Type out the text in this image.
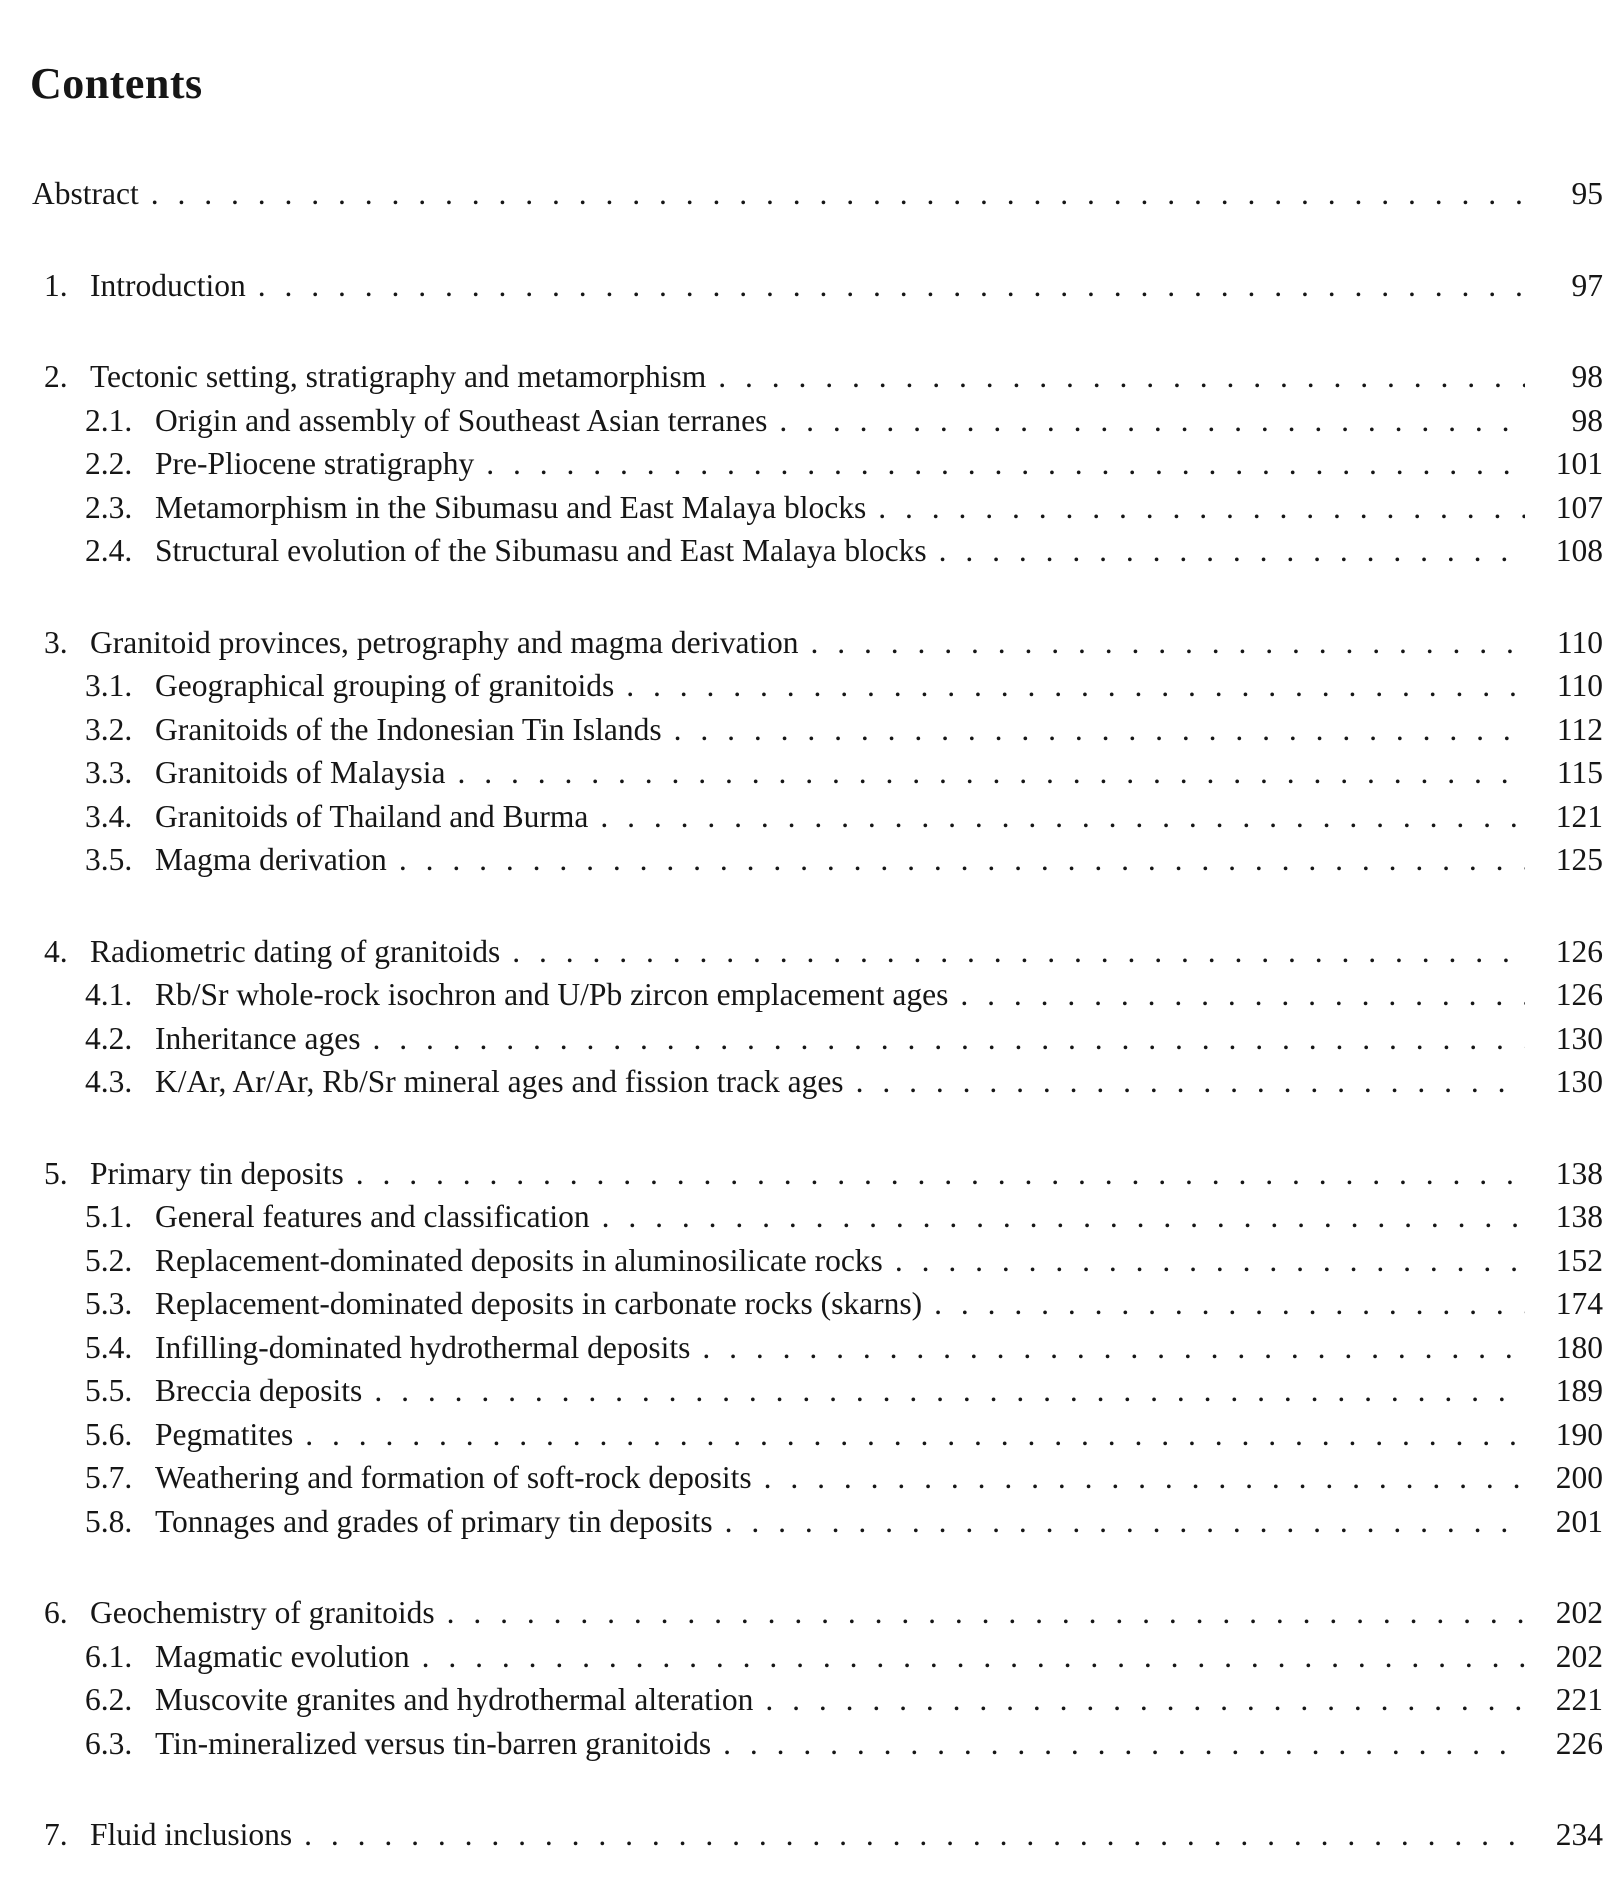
Contents
Abstract . . .	95
1. Introduction . . .	97
2. Tectonic setting, stratigraphy and metamorphism . . .	98
2.1. Origin and assembly of Southeast Asian terranes . . .	98
2.2. Pre-Pliocene stratigraphy . . .	101
2.3. Metamorphism in the Sibumasu and East Malaya blocks . . .	107
2.4. Structural evolution of the Sibumasu and East Malaya blocks . . .	108
3. Granitoid provinces, petrography and magma derivation . . .	110
3.1. Geographical grouping of granitoids . . .	110
3.2. Granitoids of the Indonesian Tin Islands . . .	112
3.3. Granitoids of Malaysia . . .	115
3.4. Granitoids of Thailand and Burma . . .	121
3.5. Magma derivation . . .	125
4. Radiometric dating of granitoids . . .	126
4.1. Rb/Sr whole-rock isochron and U/Pb zircon emplacement ages . . .	126
4.2. Inheritance ages . . .	130
4.3. K/Ar, Ar/Ar, Rb/Sr mineral ages and fission track ages . . .	130
5. Primary tin deposits . . .	138
5.1. General features and classification . . .	138
5.2. Replacement-dominated deposits in aluminosilicate rocks . . .	152
5.3. Replacement-dominated deposits in carbonate rocks (skarns) . . .	174
5.4. Infilling-dominated hydrothermal deposits . . .	180
5.5. Breccia deposits . . .	189
5.6. Pegmatites . . .	190
5.7. Weathering and formation of soft-rock deposits . . .	200
5.8. Tonnages and grades of primary tin deposits . . .	201
6. Geochemistry of granitoids . . .	202
6.1. Magmatic evolution . . .	202
6.2. Muscovite granites and hydrothermal alteration . . .	221
6.3. Tin-mineralized versus tin-barren granitoids . . .	226
7. Fluid inclusions . . .	234
